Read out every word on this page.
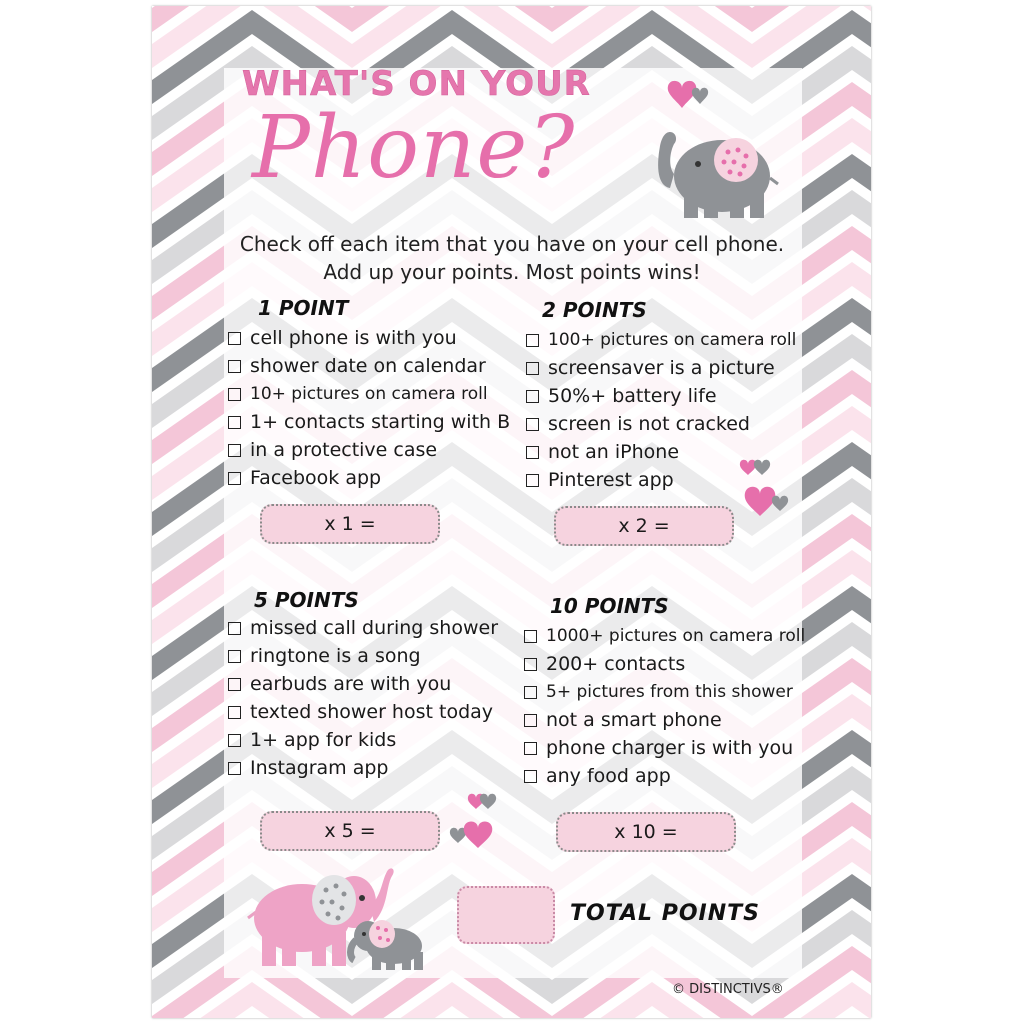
WHAT'S ON YOUR
Phone?
Check off each item that you have on your cell phone.
Add up your points. Most points wins!
1 POINT
cell phone is with you
shower date on calendar
10+ pictures on camera roll
1+ contacts starting with B
in a protective case
Facebook app
x 1 =
2 POINTS
100+ pictures on camera roll
screensaver is a picture
50%+ battery life
screen is not cracked
not an iPhone
Pinterest app
x 2 =
5 POINTS
missed call during shower
ringtone is a song
earbuds are with you
texted shower host today
1+ app for kids
Instagram app
x 5 =
10 POINTS
1000+ pictures on camera roll
200+ contacts
5+ pictures from this shower
not a smart phone
phone charger is with you
any food app
x 10 =
TOTAL POINTS
© DISTINCTIVS®
